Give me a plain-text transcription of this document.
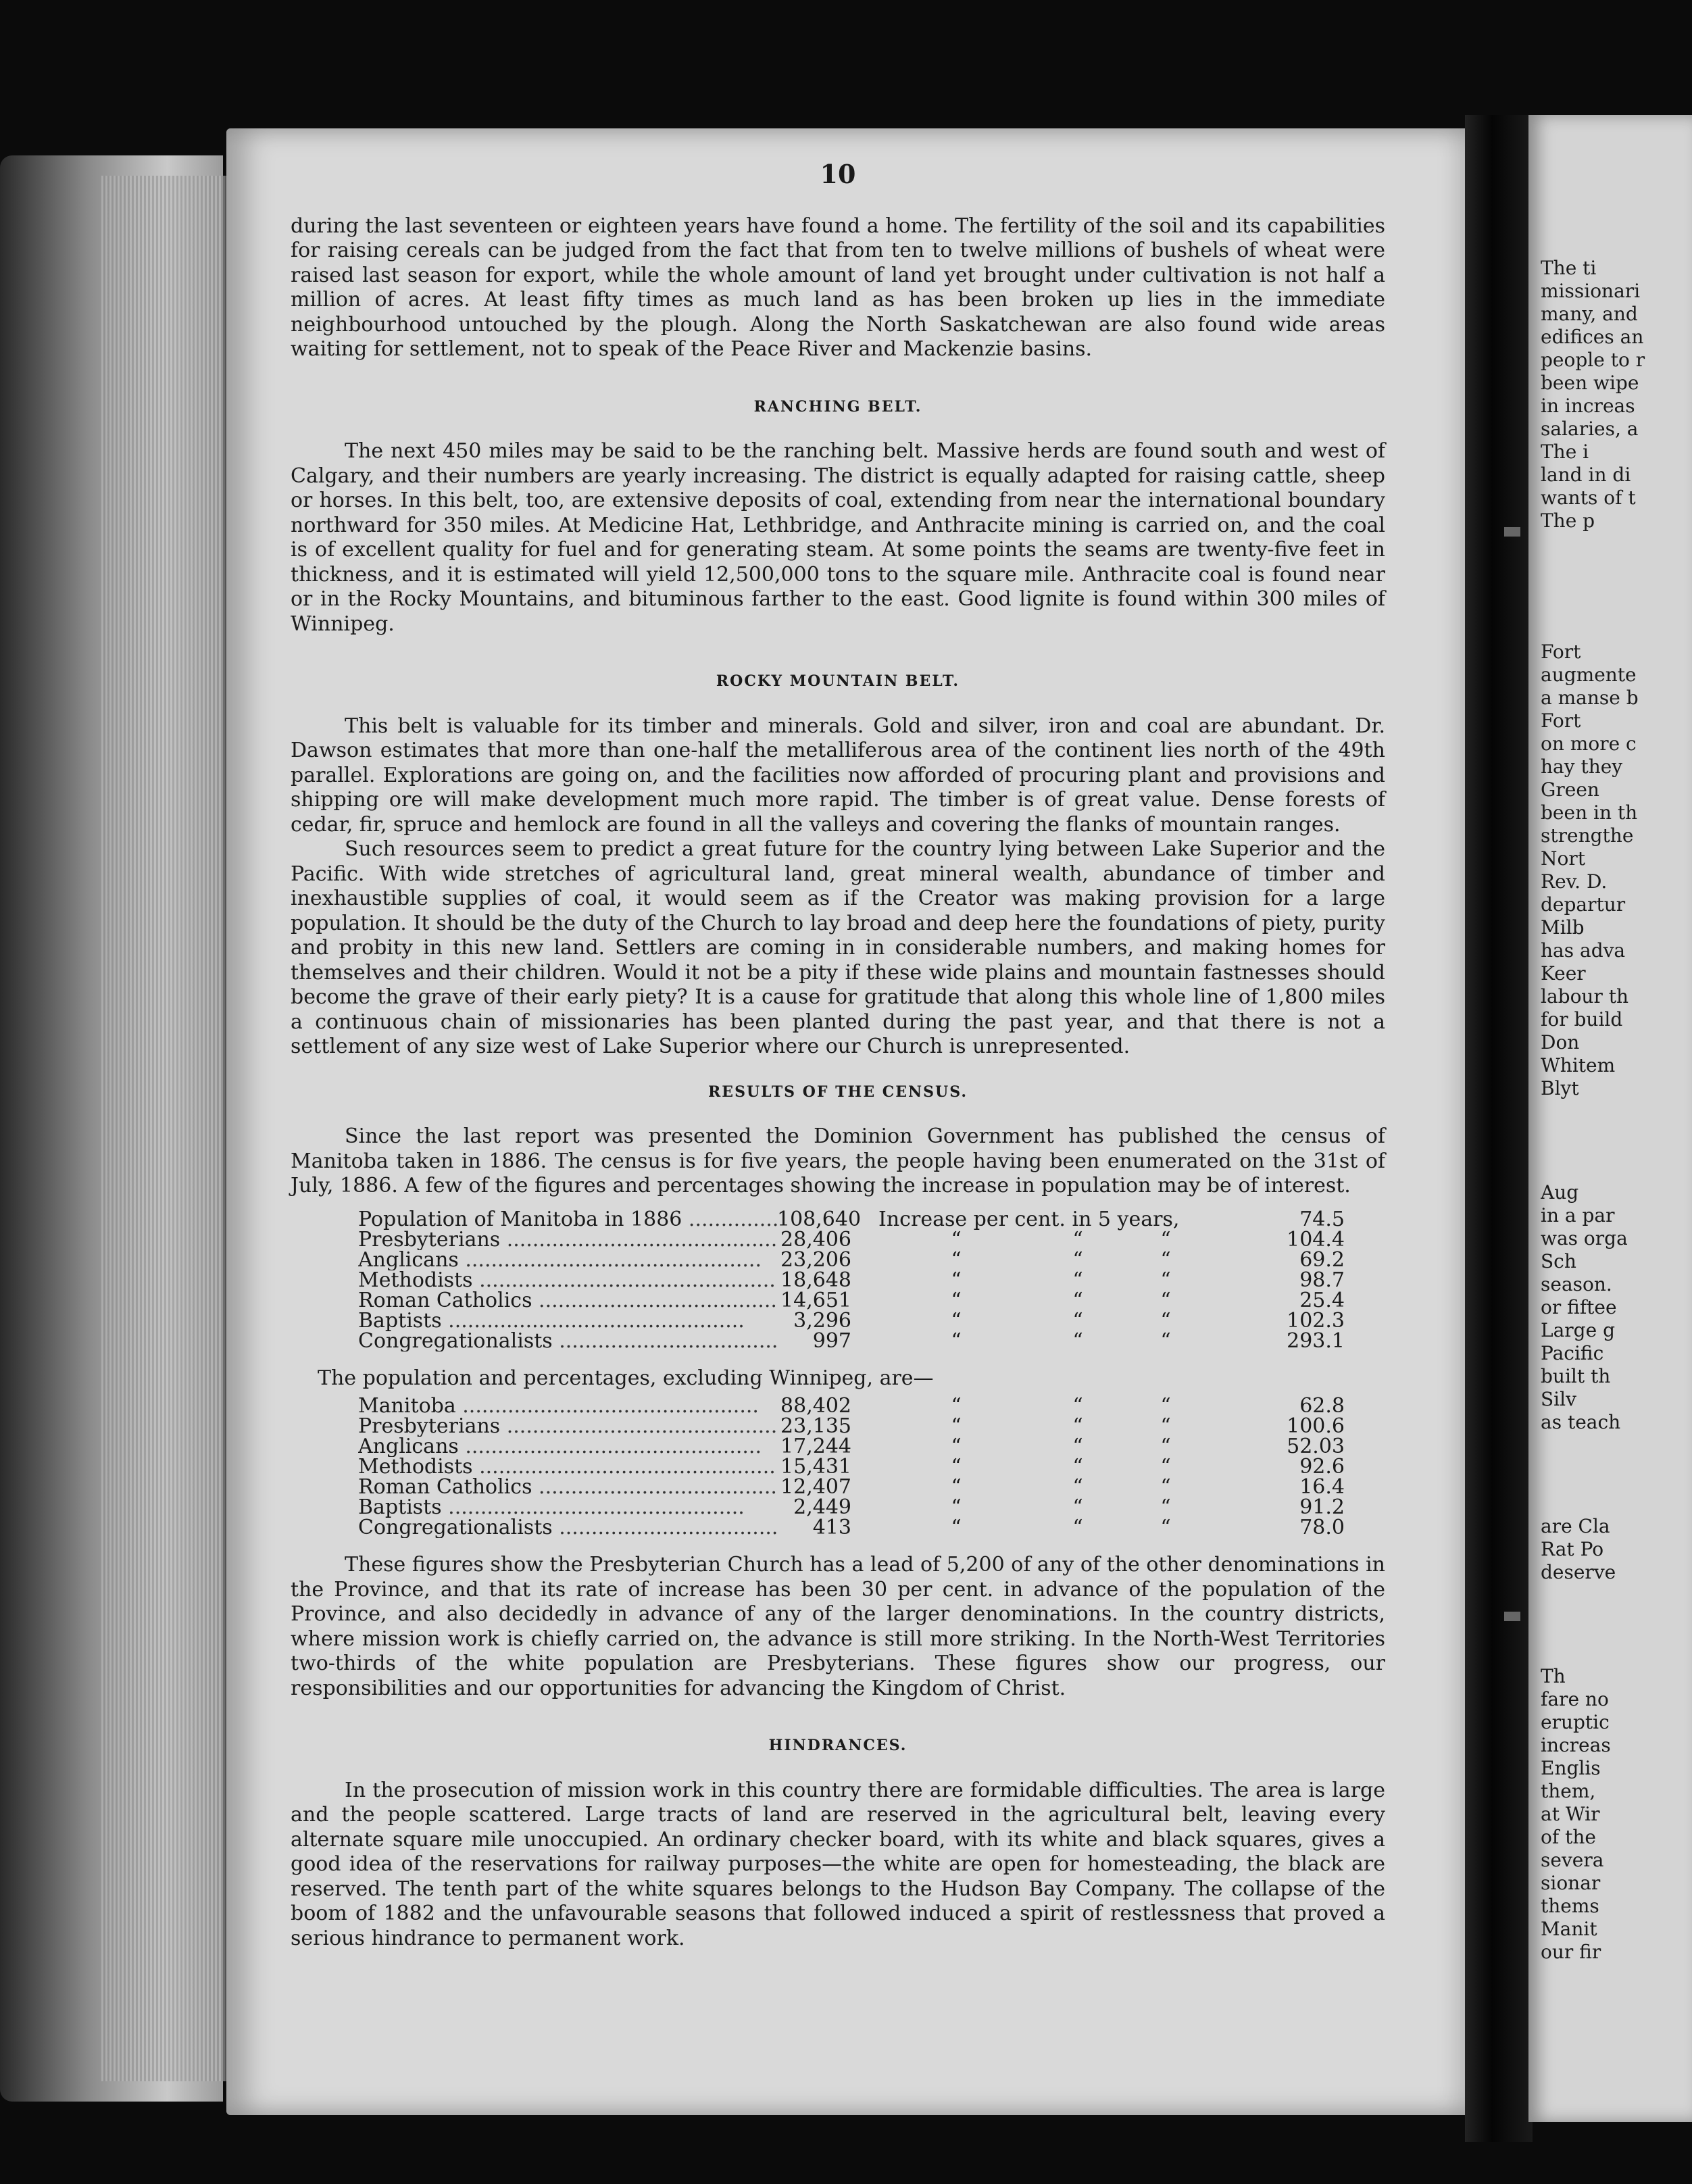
10

during the last seventeen or eighteen years have found a home. The fertility of the soil and its capabilities for raising cereals can be judged from the fact that from ten to twelve millions of bushels of wheat were raised last season for export, while the whole amount of land yet brought under cultivation is not half a million of acres. At least fifty times as much land as has been broken up lies in the immediate neighbourhood untouched by the plough. Along the North Saskatchewan are also found wide areas waiting for settlement, not to speak of the Peace River and Mackenzie basins.

RANCHING BELT.

The next 450 miles may be said to be the ranching belt. Massive herds are found south and west of Calgary, and their numbers are yearly increasing. The district is equally adapted for raising cattle, sheep or horses. In this belt, too, are extensive deposits of coal, extending from near the international boundary northward for 350 miles. At Medicine Hat, Lethbridge, and Anthracite mining is carried on, and the coal is of excellent quality for fuel and for generating steam. At some points the seams are twenty-five feet in thickness, and it is estimated will yield 12,500,000 tons to the square mile. Anthracite coal is found near or in the Rocky Mountains, and bituminous farther to the east. Good lignite is found within 300 miles of Winnipeg.

ROCKY MOUNTAIN BELT.

This belt is valuable for its timber and minerals. Gold and silver, iron and coal are abundant. Dr. Dawson estimates that more than one-half the metalliferous area of the continent lies north of the 49th parallel. Explorations are going on, and the facilities now afforded of procuring plant and provisions and shipping ore will make development much more rapid. The timber is of great value. Dense forests of cedar, fir, spruce and hemlock are found in all the valleys and covering the flanks of mountain ranges.

Such resources seem to predict a great future for the country lying between Lake Superior and the Pacific. With wide stretches of agricultural land, great mineral wealth, abundance of timber and inexhaustible supplies of coal, it would seem as if the Creator was making provision for a large population. It should be the duty of the Church to lay broad and deep here the foundations of piety, purity and probity in this new land. Settlers are coming in in considerable numbers, and making homes for themselves and their children. Would it not be a pity if these wide plains and mountain fastnesses should become the grave of their early piety? It is a cause for gratitude that along this whole line of 1,800 miles a continuous chain of missionaries has been planted during the past year, and that there is not a settlement of any size west of Lake Superior where our Church is unrepresented.

RESULTS OF THE CENSUS.

Since the last report was presented the Dominion Government has published the census of Manitoba taken in 1886. The census is for five years, the people having been enumerated on the 31st of July, 1886. A few of the figures and percentages showing the increase in population may be of interest.

Population of Manitoba in 1886 .....	108,640 Increase per cent. in 5 years,	74.5
Presbyterians .....	28,406	“	“	“	104.4
Anglicans .....	23,206	“	“	“	69.2
Methodists .....	18,648	“	“	“	98.7
Roman Catholics .....	14,651	“	“	“	25.4
Baptists .....	3,296	“	“	“	102.3
Congregationalists .....	997	“	“	“	293.1

The population and percentages, excluding Winnipeg, are—

Manitoba .....	88,402	“	“	“	62.8
Presbyterians .....	23,135	“	“	“	100.6
Anglicans .....	17,244	“	“	“	52.03
Methodists .....	15,431	“	“	“	92.6
Roman Catholics .....	12,407	“	“	“	16.4
Baptists .....	2,449	“	“	“	91.2
Congregationalists .....	413	“	“	“	78.0

These figures show the Presbyterian Church has a lead of 5,200 of any of the other denominations in the Province, and that its rate of increase has been 30 per cent. in advance of the population of the Province, and also decidedly in advance of any of the larger denominations. In the country districts, where mission work is chiefly carried on, the advance is still more striking. In the North-West Territories two-thirds of the white population are Presbyterians. These figures show our progress, our responsibilities and our opportunities for advancing the Kingdom of Christ.

HINDRANCES.

In the prosecution of mission work in this country there are formidable difficulties. The area is large and the people scattered. Large tracts of land are reserved in the agricultural belt, leaving every alternate square mile unoccupied. An ordinary checker board, with its white and black squares, gives a good idea of the reservations for railway purposes—the white are open for homesteading, the black are reserved. The tenth part of the white squares belongs to the Hudson Bay Company. The collapse of the boom of 1882 and the unfavourable seasons that followed induced a spirit of restlessness that proved a serious hindrance to permanent work.

The ti
missionari
many, and
edifices an
people to r
been wipe
in increas
salaries, a
The i
land in di
wants of t
The p
Fort
augmente
a manse b
Fort
on more c
hay they
Green
been in th
strengthe
Nort
Rev. D.
departur
Milb
has adva
Keer
labour th
for build
Don
Whitem
Blyt
Aug
in a par
was orga
Sch
season.
or fiftee
Large g
Pacific
built th
Silv
as teach
are Cla
Rat Po
deserve
Th
fare no
eruptic
increas
Englis
them,
at Wir
of the
severa
sionar
thems
Manit
our fir
